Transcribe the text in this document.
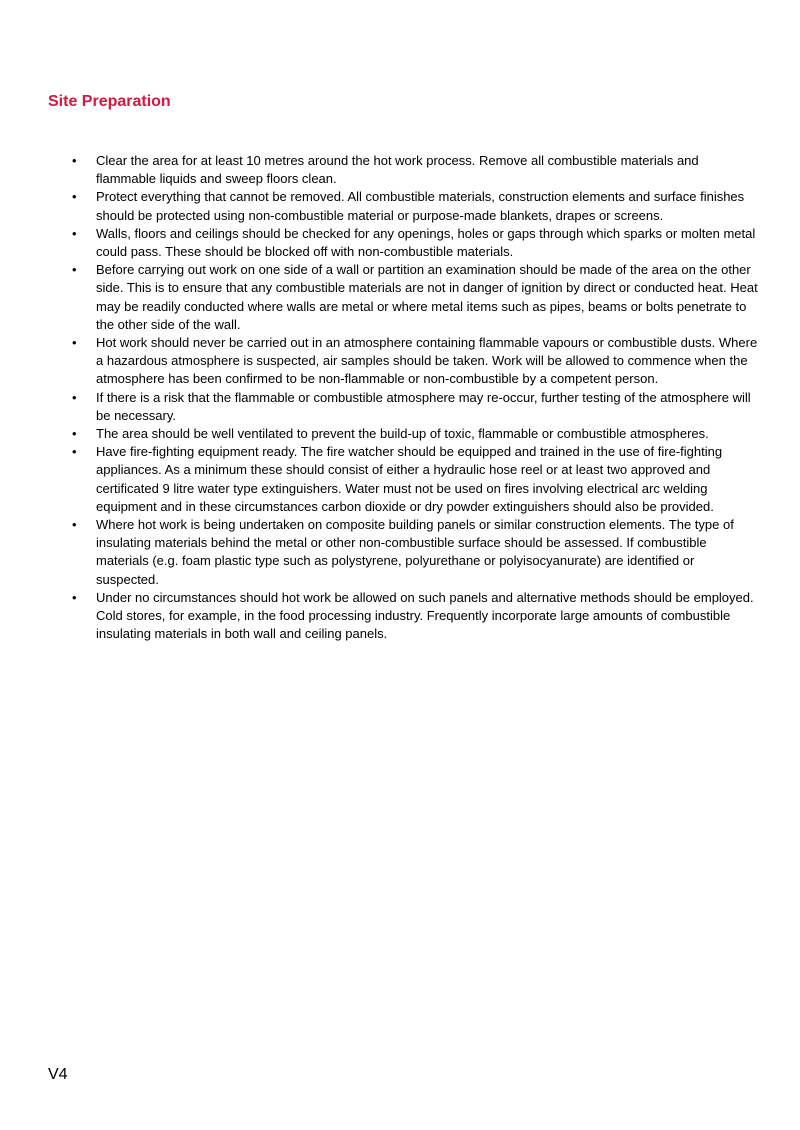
Site Preparation
• Clear the area for at least 10 metres around the hot work process. Remove all combustible materials and flammable liquids and sweep floors clean.
• Protect everything that cannot be removed. All combustible materials, construction elements and surface finishes should be protected using non-combustible material or purpose-made blankets, drapes or screens.
• Walls, floors and ceilings should be checked for any openings, holes or gaps through which sparks or molten metal could pass. These should be blocked off with non-combustible materials.
• Before carrying out work on one side of a wall or partition an examination should be made of the area on the other side. This is to ensure that any combustible materials are not in danger of ignition by direct or conducted heat. Heat may be readily conducted where walls are metal or where metal items such as pipes, beams or bolts penetrate to the other side of the wall.
• Hot work should never be carried out in an atmosphere containing flammable vapours or combustible dusts. Where a hazardous atmosphere is suspected, air samples should be taken. Work will be allowed to commence when the atmosphere has been confirmed to be non-flammable or non-combustible by a competent person.
• If there is a risk that the flammable or combustible atmosphere may re-occur, further testing of the atmosphere will be necessary.
• The area should be well ventilated to prevent the build-up of toxic, flammable or combustible atmospheres.
• Have fire-fighting equipment ready. The fire watcher should be equipped and trained in the use of fire-fighting appliances. As a minimum these should consist of either a hydraulic hose reel or at least two approved and certificated 9 litre water type extinguishers. Water must not be used on fires involving electrical arc welding equipment and in these circumstances carbon dioxide or dry powder extinguishers should also be provided.
• Where hot work is being undertaken on composite building panels or similar construction elements. The type of insulating materials behind the metal or other non-combustible surface should be assessed. If combustible materials (e.g. foam plastic type such as polystyrene, polyurethane or polyisocyanurate) are identified or suspected.
• Under no circumstances should hot work be allowed on such panels and alternative methods should be employed. Cold stores, for example, in the food processing industry. Frequently incorporate large amounts of combustible insulating materials in both wall and ceiling panels.

V4
